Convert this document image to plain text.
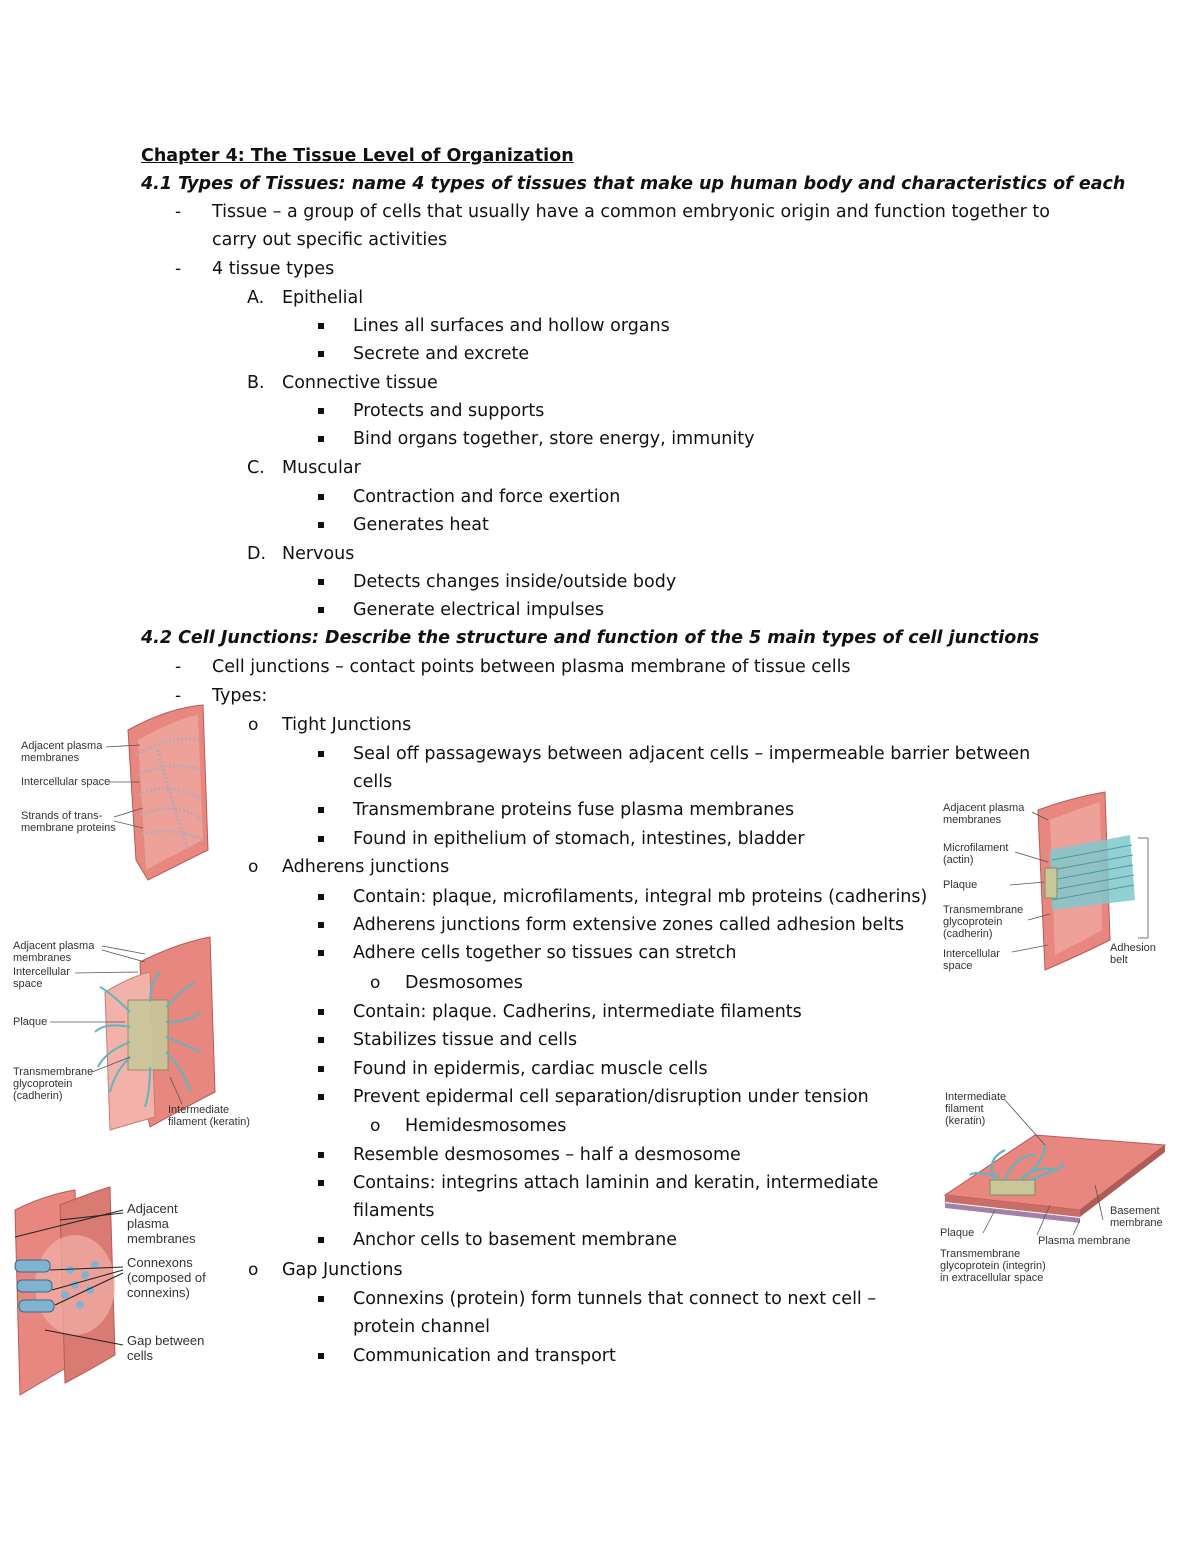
Chapter 4: The Tissue Level of Organization
4.1 Types of Tissues: name 4 types of tissues that make up human body and characteristics of each
- Tissue – a group of cells that usually have a common embryonic origin and function together to
carry out specific activities
- 4 tissue types
A. Epithelial
Lines all surfaces and hollow organs
Secrete and excrete
B. Connective tissue
Protects and supports
Bind organs together, store energy, immunity
C. Muscular
Contraction and force exertion
Generates heat
D. Nervous
Detects changes inside/outside body
Generate electrical impulses
4.2 Cell Junctions: Describe the structure and function of the 5 main types of cell junctions
- Cell junctions – contact points between plasma membrane of tissue cells
- Types:
o Tight Junctions
Seal off passageways between adjacent cells – impermeable barrier between
cells
Transmembrane proteins fuse plasma membranes
Found in epithelium of stomach, intestines, bladder
o Adherens junctions
Contain: plaque, microfilaments, integral mb proteins (cadherins)
Adherens junctions form extensive zones called adhesion belts
Adhere cells together so tissues can stretch
o Desmosomes
Contain: plaque. Cadherins, intermediate filaments
Stabilizes tissue and cells
Found in epidermis, cardiac muscle cells
Prevent epidermal cell separation/disruption under tension
o Hemidesmosomes
Resemble desmosomes – half a desmosome
Contains: integrins attach laminin and keratin, intermediate
filaments
Anchor cells to basement membrane
o Gap Junctions
Connexins (protein) form tunnels that connect to next cell –
protein channel
Communication and transport
Adjacent plasma
membranes
Intercellular space
Strands of trans-
membrane proteins
Adjacent plasma
membranes
Microfilament
(actin)
Plaque
Transmembrane
glycoprotein
(cadherin)
Intercellular
space
Adhesion
belt
Adjacent plasma
membranes
Intercellular
space
Plaque
Transmembrane
glycoprotein
(cadherin)
Intermediate
filament (keratin)
Intermediate
filament
(keratin)
Basement
membrane
Plaque
Plasma membrane
Transmembrane
glycoprotein (integrin)
in extracellular space
Adjacent
plasma
membranes
Connexons
(composed of
connexins)
Gap between
cells
